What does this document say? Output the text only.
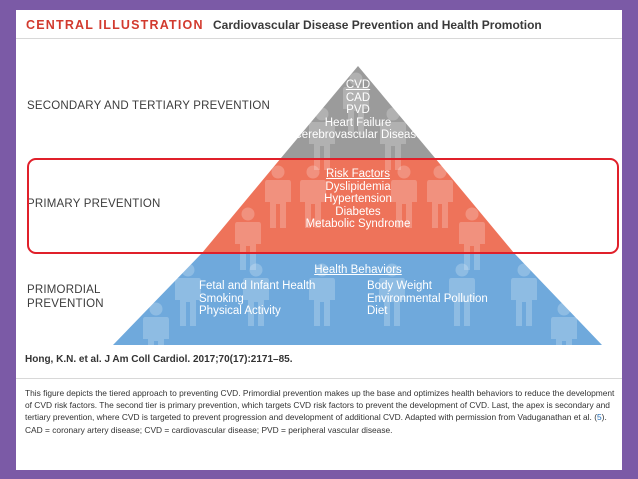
CENTRAL ILLUSTRATION Cardiovascular Disease Prevention and Health Promotion
SECONDARY AND TERTIARY PREVENTION
PRIMARY PREVENTION
PRIMORDIAL
PREVENTION
CVD
CAD
PVD
Heart Failure
Cerebrovascular Disease
Risk Factors
Dyslipidemia
Hypertension
Diabetes
Metabolic Syndrome
Health Behaviors
Fetal and Infant Health
Smoking
Physical Activity
Body Weight
Environmental Pollution
Diet
Hong, K.N. et al. J Am Coll Cardiol. 2017;70(17):2171–85.
This figure depicts the tiered approach to preventing CVD. Primordial prevention makes up the base and optimizes health behaviors to reduce the development of CVD risk factors. The second tier is primary prevention, which targets CVD risk factors to prevent the development of CVD. Last, the apex is secondary and tertiary prevention, where CVD is targeted to prevent progression and development of additional CVD. Adapted with permission from Vaduganathan et al. (5). CAD = coronary artery disease; CVD = cardiovascular disease; PVD = peripheral vascular disease.
